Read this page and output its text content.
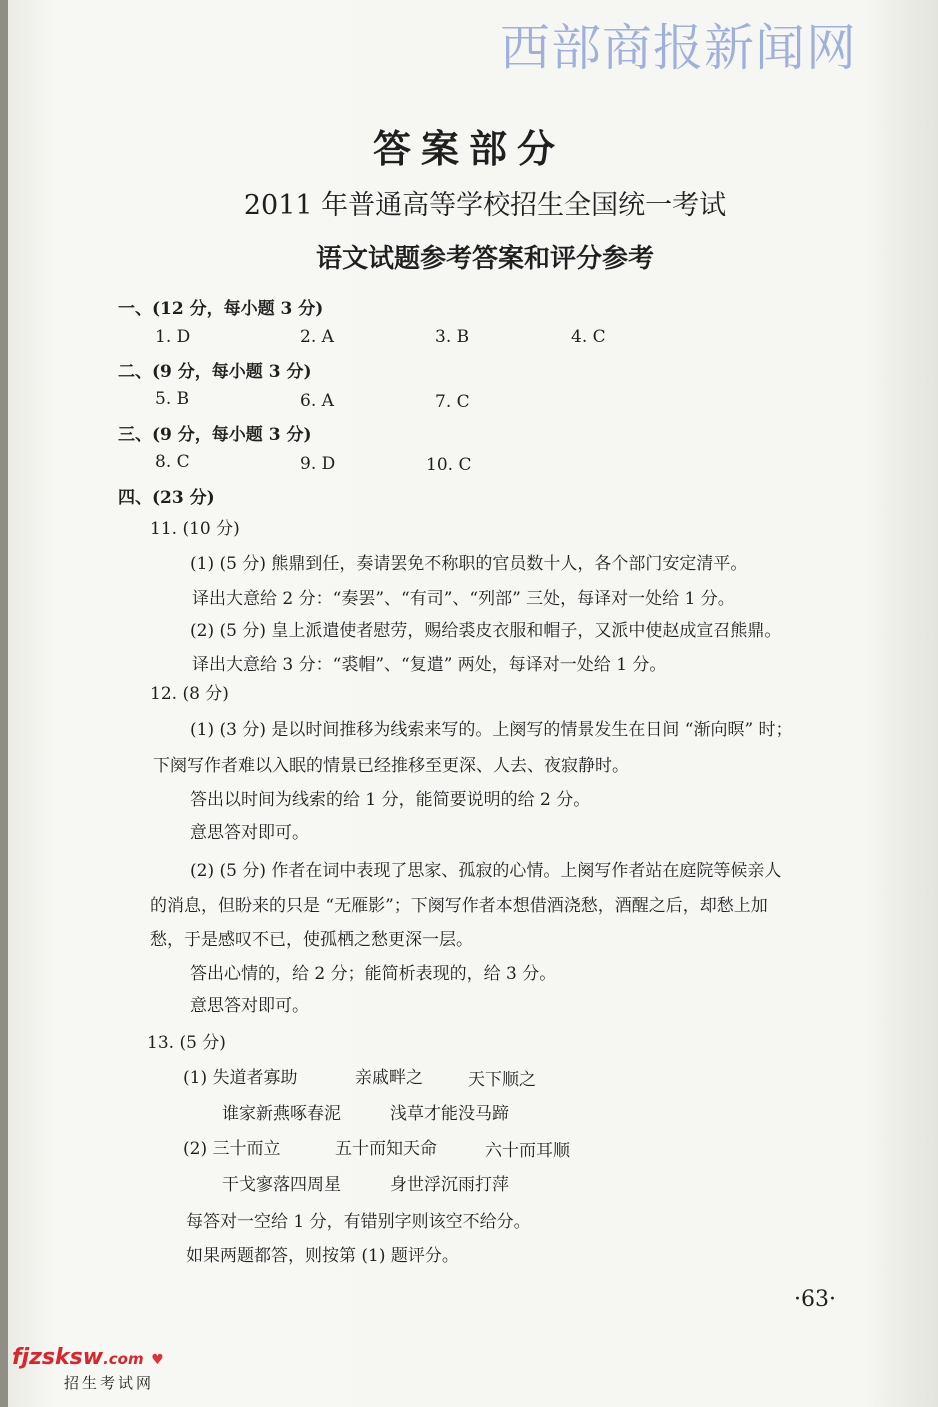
西部商报新闻网
答案部分
2011 年普通高等学校招生全国统一考试
语文试题参考答案和评分参考
一、(12 分，每小题 3 分)
1. D	2. A	3. B	4. C
二、(9 分，每小题 3 分)
5. B	6. A	7. C
三、(9 分，每小题 3 分)
8. C	9. D	10. C
四、(23 分)
11. (10 分)
(1) (5 分) 熊鼎到任，奏请罢免不称职的官员数十人，各个部门安定清平。
译出大意给 2 分：“奏罢”、“有司”、“列部” 三处，每译对一处给 1 分。
(2) (5 分) 皇上派遣使者慰劳，赐给裘皮衣服和帽子，又派中使赵成宣召熊鼎。
译出大意给 3 分：“裘帽”、“复遣” 两处，每译对一处给 1 分。
12. (8 分)
(1) (3 分) 是以时间推移为线索来写的。上阕写的情景发生在日间 “渐向暝” 时；
下阕写作者难以入眠的情景已经推移至更深、人去、夜寂静时。
答出以时间为线索的给 1 分，能简要说明的给 2 分。
意思答对即可。
(2) (5 分) 作者在词中表现了思家、孤寂的心情。上阕写作者站在庭院等候亲人
的消息，但盼来的只是 “无雁影”；下阕写作者本想借酒浇愁，酒醒之后，却愁上加
愁，于是感叹不已，使孤栖之愁更深一层。
答出心情的，给 2 分；能简析表现的，给 3 分。
意思答对即可。
13. (5 分)
(1) 失道者寡助	亲戚畔之	天下顺之
谁家新燕啄春泥	浅草才能没马蹄
(2) 三十而立	五十而知天命	六十而耳顺
干戈寥落四周星	身世浮沉雨打萍
每答对一空给 1 分，有错别字则该空不给分。
如果两题都答，则按第 (1) 题评分。
·63·
fjzsksw.com ♥
招生考试网
